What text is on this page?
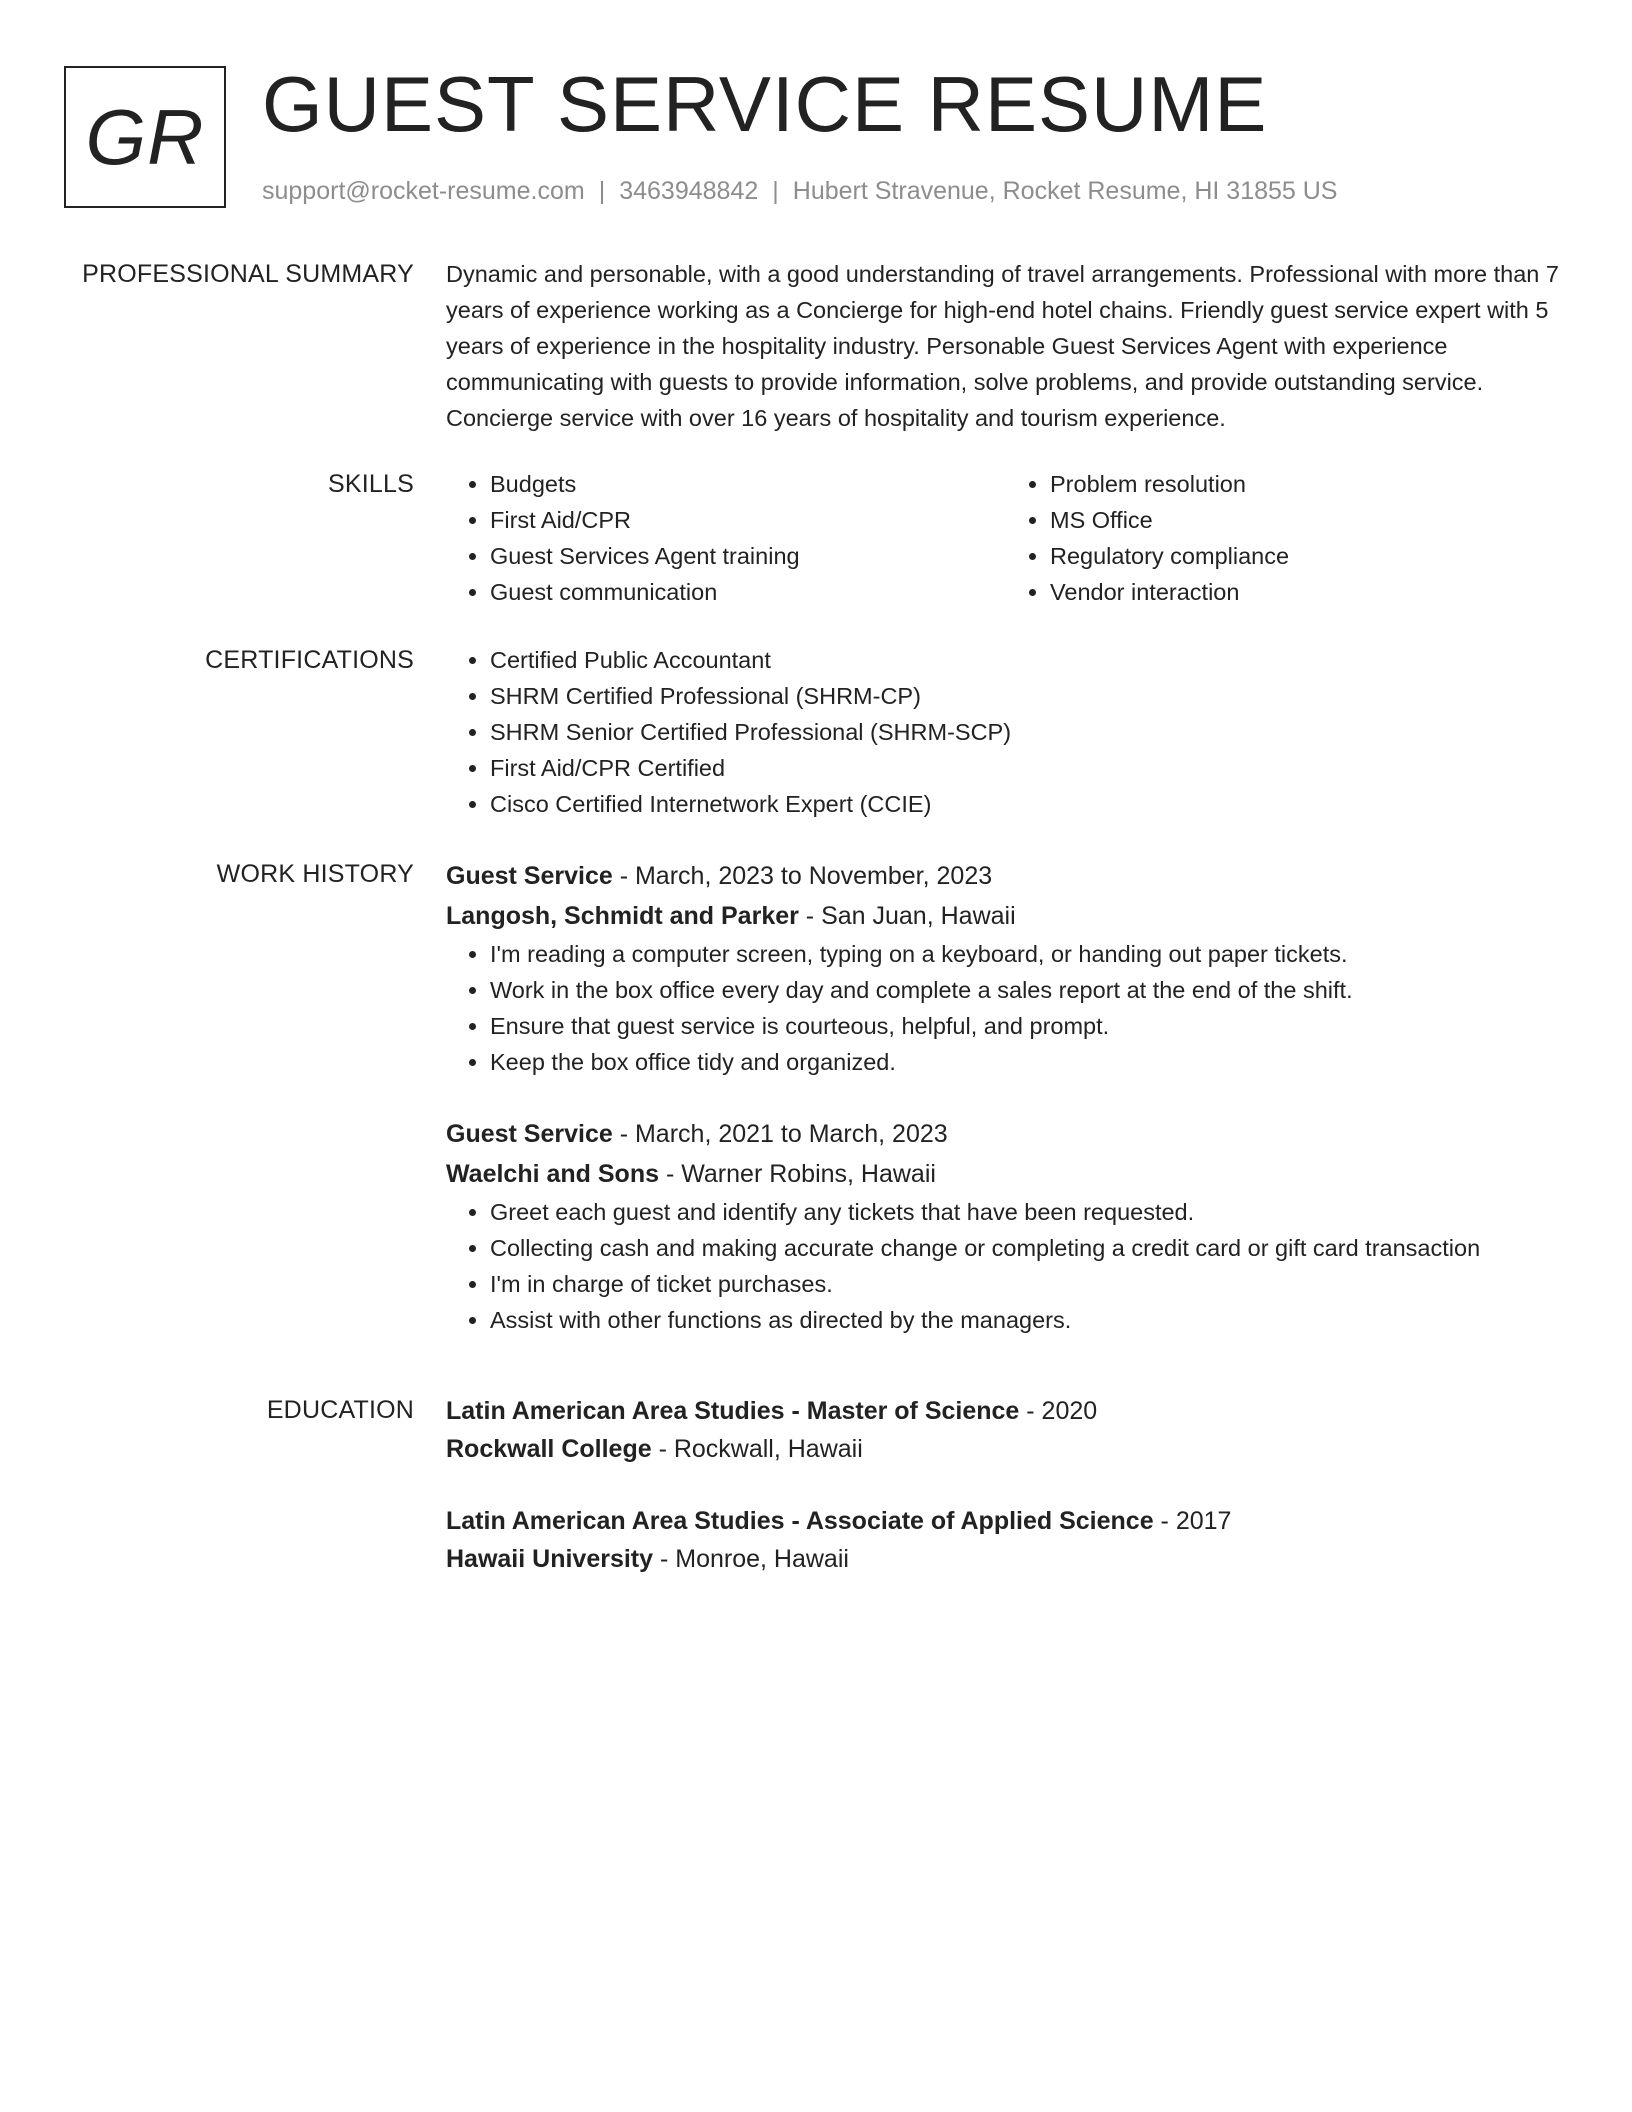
GR GUEST SERVICE RESUME
support@rocket-resume.com | 3463948842 | Hubert Stravenue, Rocket Resume, HI 31855 US
PROFESSIONAL SUMMARY Dynamic and personable, with a good understanding of travel arrangements. Professional with more than 7 years of experience working as a Concierge for high-end hotel chains. Friendly guest service expert with 5 years of experience in the hospitality industry. Personable Guest Services Agent with experience communicating with guests to provide information, solve problems, and provide outstanding service. Concierge service with over 16 years of hospitality and tourism experience.

SKILLS	• Budgets
• First Aid/CPR
• Guest Services Agent training
• Guest communication
• Problem resolution
• MS Office
• Regulatory compliance
• Vendor interaction
CERTIFICATIONS	• Certified Public Accountant
• SHRM Certified Professional (SHRM-CP)
• SHRM Senior Certified Professional (SHRM-SCP)
• First Aid/CPR Certified
• Cisco Certified Internetwork Expert (CCIE)
WORK HISTORY Guest Service - March, 2023 to November, 2023
Langosh, Schmidt and Parker - San Juan, Hawaii
• I'm reading a computer screen, typing on a keyboard, or handing out paper tickets.
• Work in the box office every day and complete a sales report at the end of the shift.
• Ensure that guest service is courteous, helpful, and prompt.
• Keep the box office tidy and organized.
Guest Service - March, 2021 to March, 2023
Waelchi and Sons - Warner Robins, Hawaii
• Greet each guest and identify any tickets that have been requested.
• Collecting cash and making accurate change or completing a credit card or gift card transaction
• I'm in charge of ticket purchases.
• Assist with other functions as directed by the managers.
EDUCATION Latin American Area Studies - Master of Science - 2020
Rockwall College - Rockwall, Hawaii
Latin American Area Studies - Associate of Applied Science - 2017
Hawaii University - Monroe, Hawaii
